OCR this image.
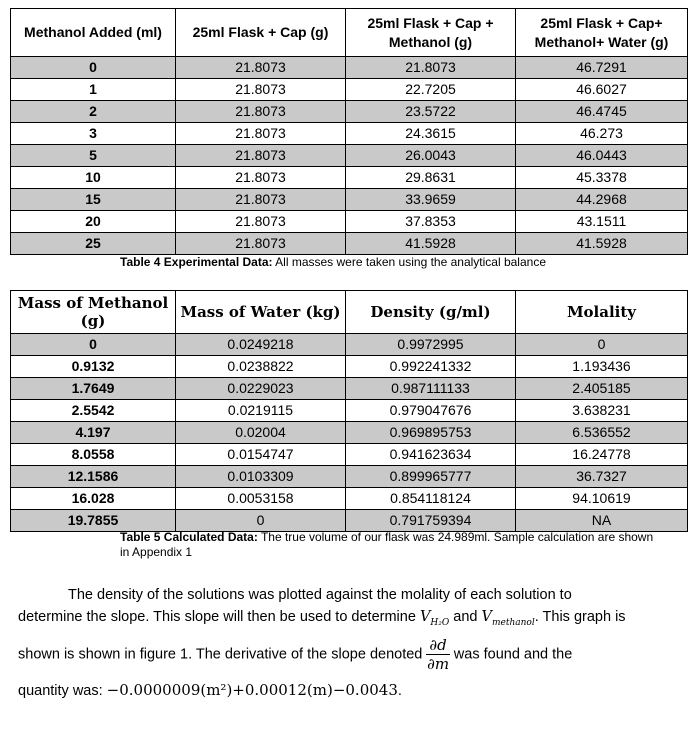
Methanol Added (ml)	25ml Flask + Cap (g)	25ml Flask + Cap + Methanol (g)	25ml Flask + Cap+ Methanol+ Water (g)
0	21.8073	21.8073	46.7291
1	21.8073	22.7205	46.6027
2	21.8073	23.5722	46.4745
3	21.8073	24.3615	46.273
5	21.8073	26.0043	46.0443
10	21.8073	29.8631	45.3378
15	21.8073	33.9659	44.2968
20	21.8073	37.8353	43.1511
25	21.8073	41.5928	41.5928
Table 4 Experimental Data: All masses were taken using the analytical balance
Mass of Methanol (g)	Mass of Water (kg)	Density (g/ml)	Molality
0	0.0249218	0.9972995	0
0.9132	0.0238822	0.992241332	1.193436
1.7649	0.0229023	0.987111133	2.405185
2.5542	0.0219115	0.979047676	3.638231
4.197	0.02004	0.969895753	6.536552
8.0558	0.0154747	0.941623634	16.24778
12.1586	0.0103309	0.899965777	36.7327
16.028	0.0053158	0.854118124	94.10619
19.7855	0	0.791759394	NA
Table 5 Calculated Data: The true volume of our flask was 24.989ml. Sample calculation are shown in Appendix 1
The density of the solutions was plotted against the molality of each solution to
determine the slope. This slope will then be used to determine $V_{H_2O}$ and $V_{methanol}$. This graph is
shown is shown in figure 1. The derivative of the slope denoted $\frac{\partial d}{\partial m}$ was found and the
quantity was: −0.0000009(m²)+0.00012(m)−0.0043.
